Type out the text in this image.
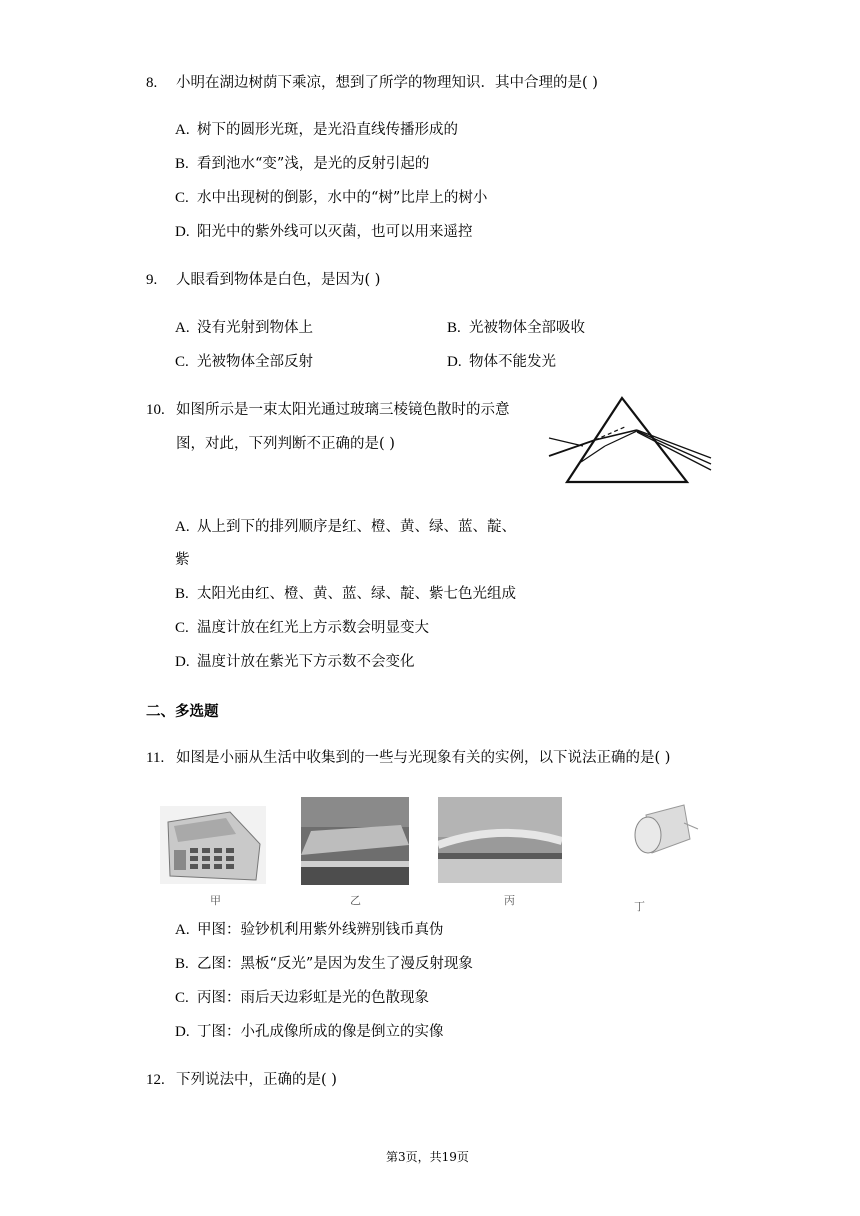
8. 小明在湖边树荫下乘凉，想到了所学的物理知识．其中合理的是( )
A. 树下的圆形光斑，是光沿直线传播形成的
B. 看到池水“变”浅，是光的反射引起的
C. 水中出现树的倒影，水中的“树”比岸上的树小
D. 阳光中的紫外线可以灭菌，也可以用来遥控
9. 人眼看到物体是白色，是因为( )
A. 没有光射到物体上	B. 光被物体全部吸收
C. 光被物体全部反射	D. 物体不能发光
10. 如图所示是一束太阳光通过玻璃三棱镜色散时的示意
图，对此，下列判断不正确的是( )
A. 从上到下的排列顺序是红、橙、黄、绿、蓝、靛、
紫
B. 太阳光由红、橙、黄、蓝、绿、靛、紫七色光组成
C. 温度计放在红光上方示数会明显变大
D. 温度计放在紫光下方示数不会变化
二、多选题
11. 如图是小丽从生活中收集到的一些与光现象有关的实例，以下说法正确的是( )
甲	乙	丙	丁
A. 甲图：验钞机利用紫外线辨别钱币真伪
B. 乙图：黑板“反光”是因为发生了漫反射现象
C. 丙图：雨后天边彩虹是光的色散现象
D. 丁图：小孔成像所成的像是倒立的实像
12. 下列说法中，正确的是( )
第3页，共19页
